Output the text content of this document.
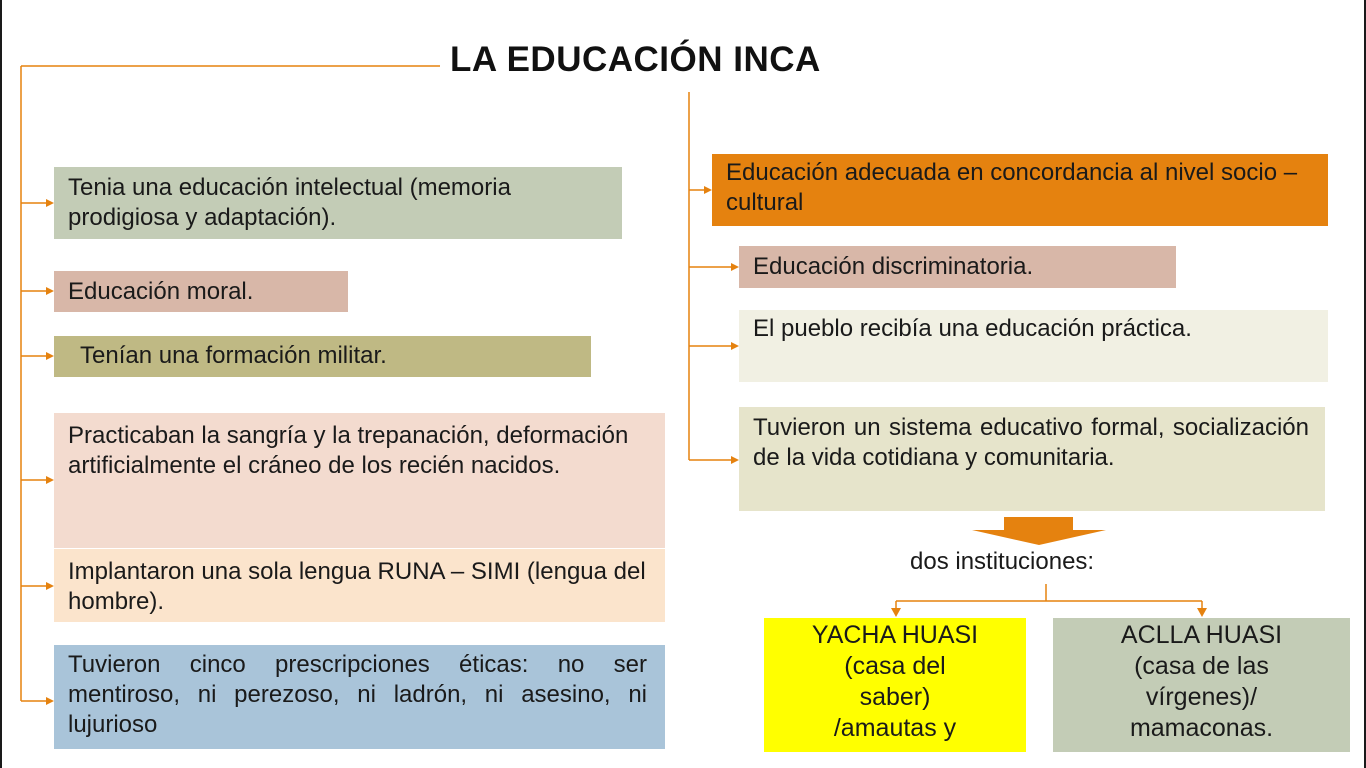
LA EDUCACIÓN INCA
Tenia una educación intelectual (memoria prodigiosa y adaptación).
Educación moral.
Tenían una formación militar.
Practicaban la sangría y la trepanación, deformación artificialmente el cráneo de los recién nacidos.
Implantaron una sola lengua RUNA – SIMI (lengua del hombre).
Tuvieron cinco prescripciones éticas: no ser mentiroso, ni perezoso, ni ladrón, ni asesino, ni lujurioso
Educación adecuada en concordancia al nivel socio – cultural
Educación discriminatoria.
El pueblo recibía una educación práctica.
Tuvieron un sistema educativo formal, socialización de la vida cotidiana y comunitaria.
dos instituciones:
YACHA HUASI
(casa del
saber)
/amautas y
ACLLA HUASI
(casa de las
vírgenes)/
mamaconas.
